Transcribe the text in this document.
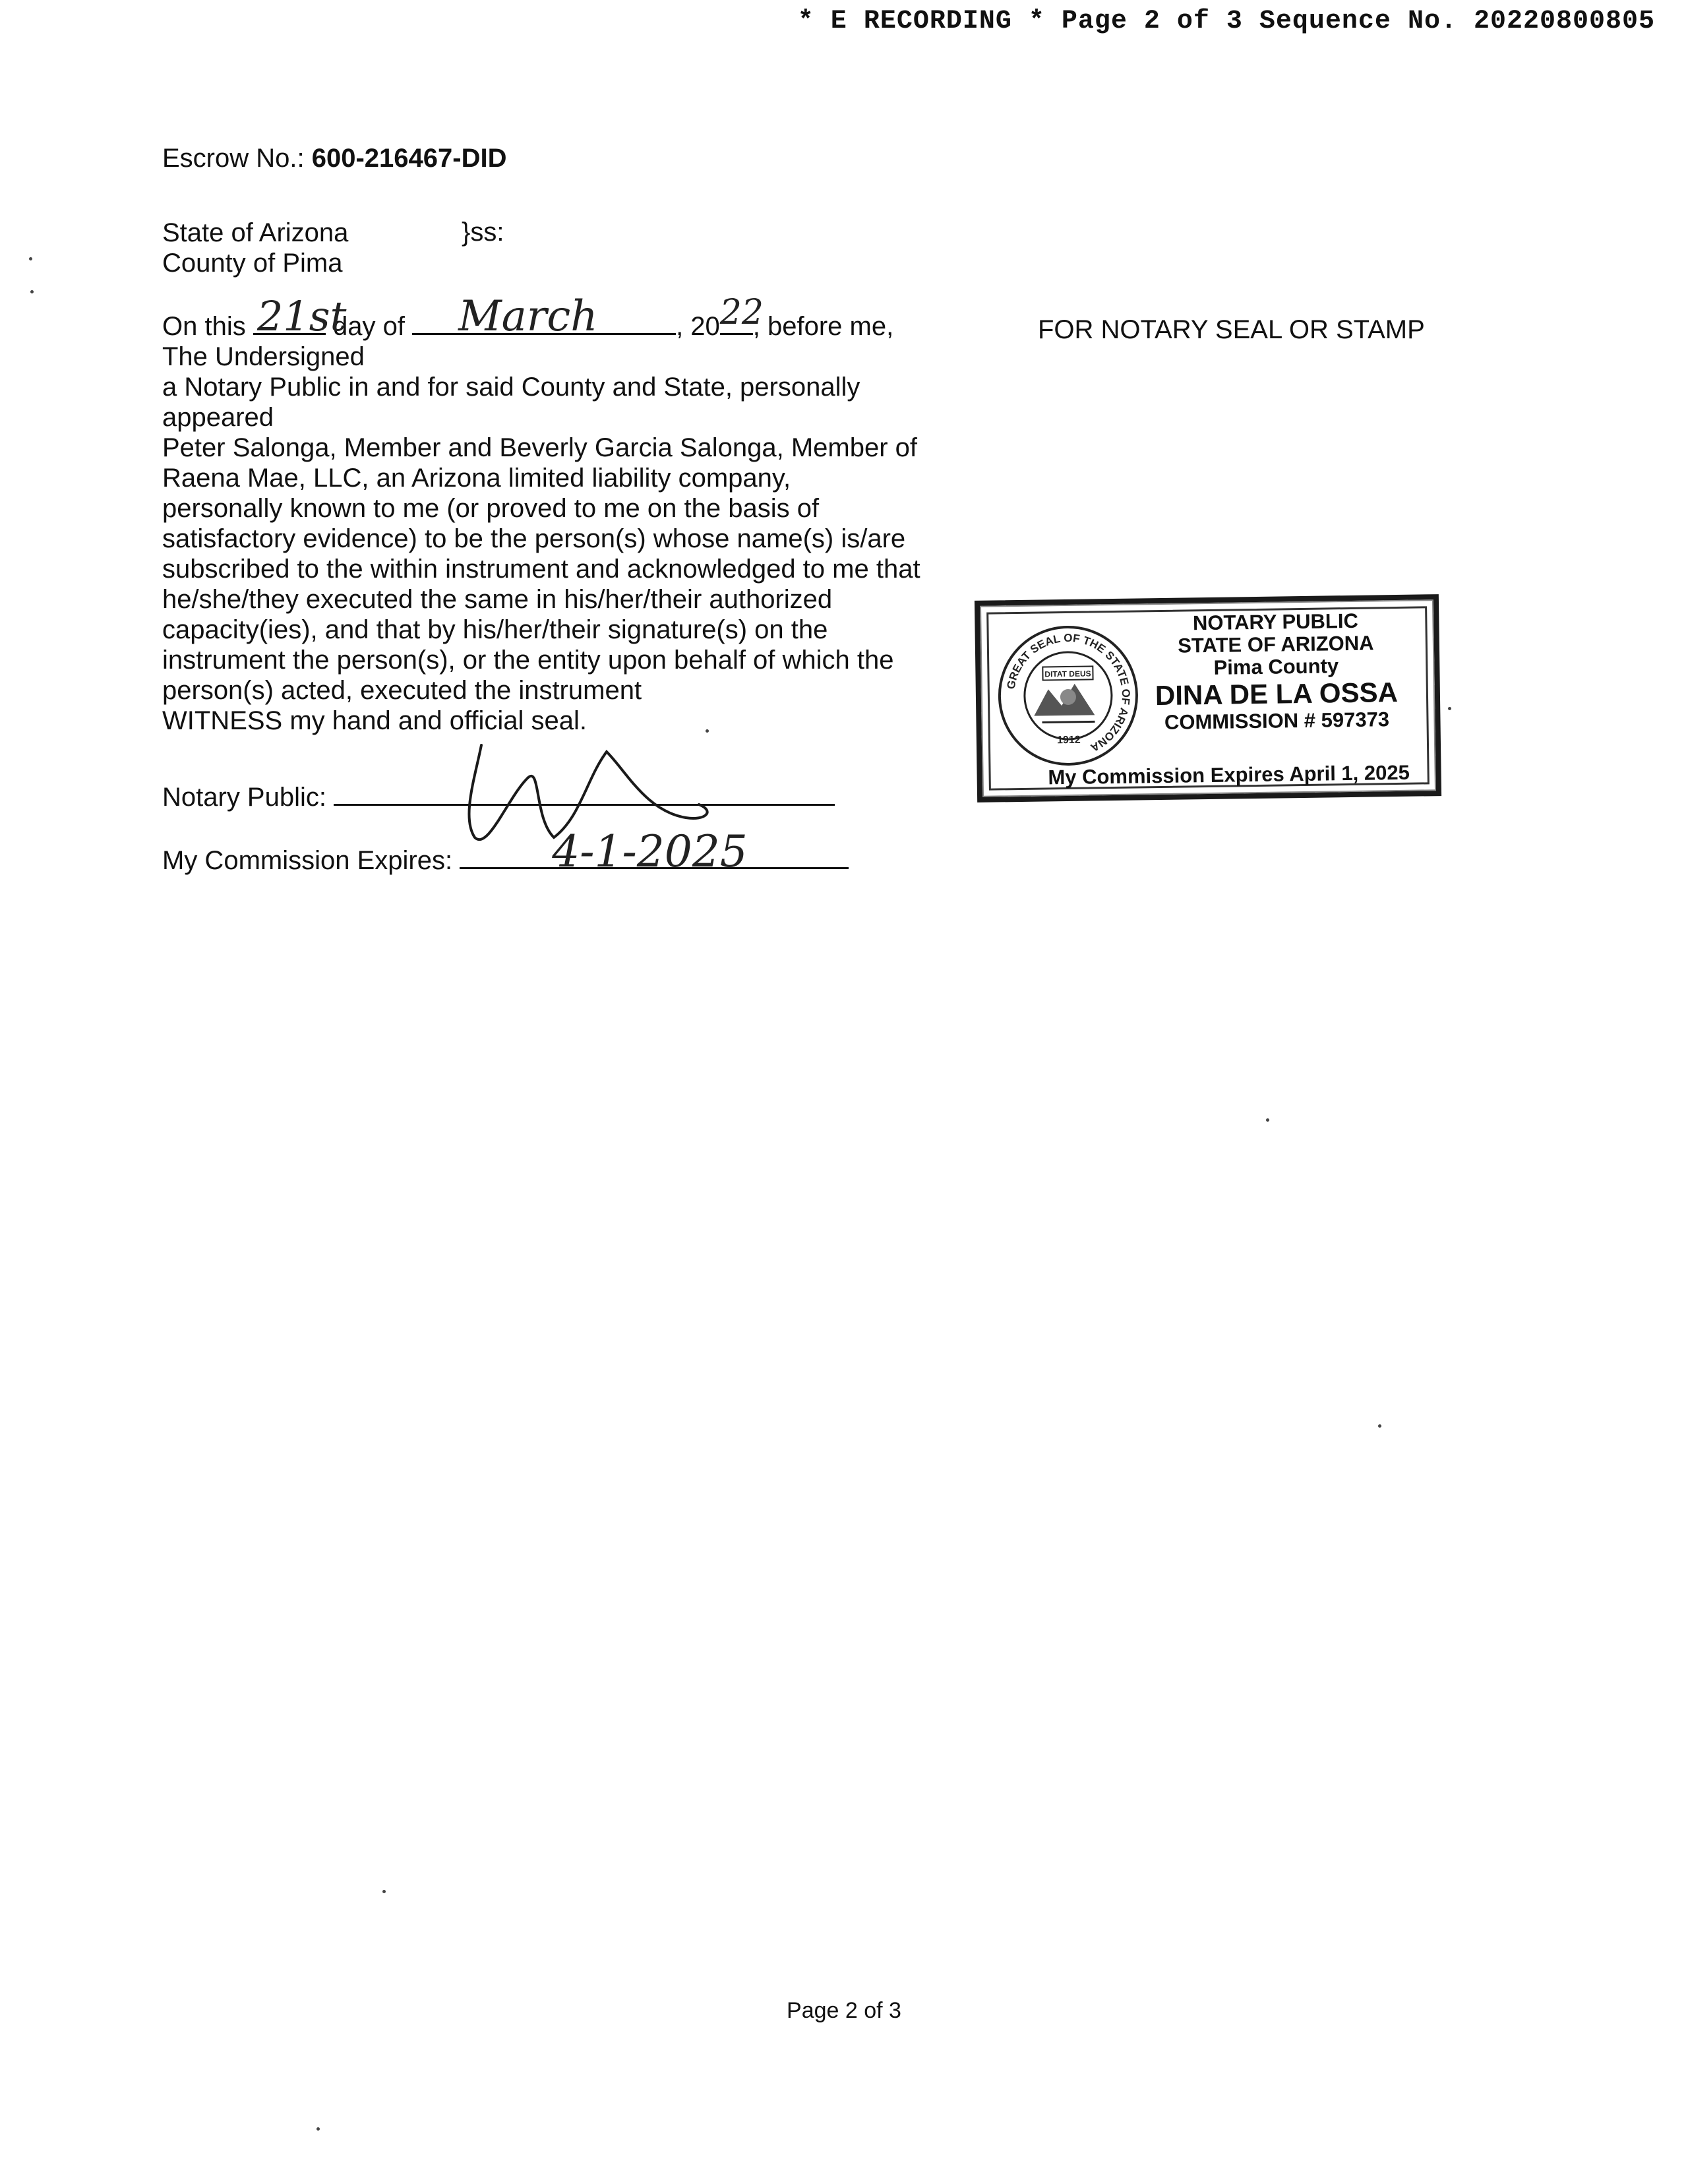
* E RECORDING * Page 2 of 3 Sequence No. 20220800805
Escrow No.: 600-216467-DID
State of Arizona
County of Pima
}ss:
On this 21st
day of March	, 20 22
, before me,
The Undersigned
a Notary Public in and for said County and State, personally
appeared
Peter Salonga, Member and Beverly Garcia Salonga, Member of
Raena Mae, LLC, an Arizona limited liability company,
personally known to me (or proved to me on the basis of
satisfactory evidence) to be the person(s) whose name(s) is/are
subscribed to the within instrument and acknowledged to me that
he/she/they executed the same in his/her/their authorized
capacity(ies), and that by his/her/their signature(s) on the
instrument the person(s), or the entity upon behalf of which the
person(s) acted, executed the instrument
WITNESS my hand and official seal.
Notary Public:
My Commission Expires: 4-1-2025
FOR NOTARY SEAL OR STAMP
GREAT SEAL OF THE STATE OF ARIZONA
DITAT DEUS
1912
NOTARY PUBLIC
STATE OF ARIZONA
Pima County
DINA DE LA OSSA
COMMISSION # 597373
My Commission Expires April 1, 2025
Page 2 of 3
